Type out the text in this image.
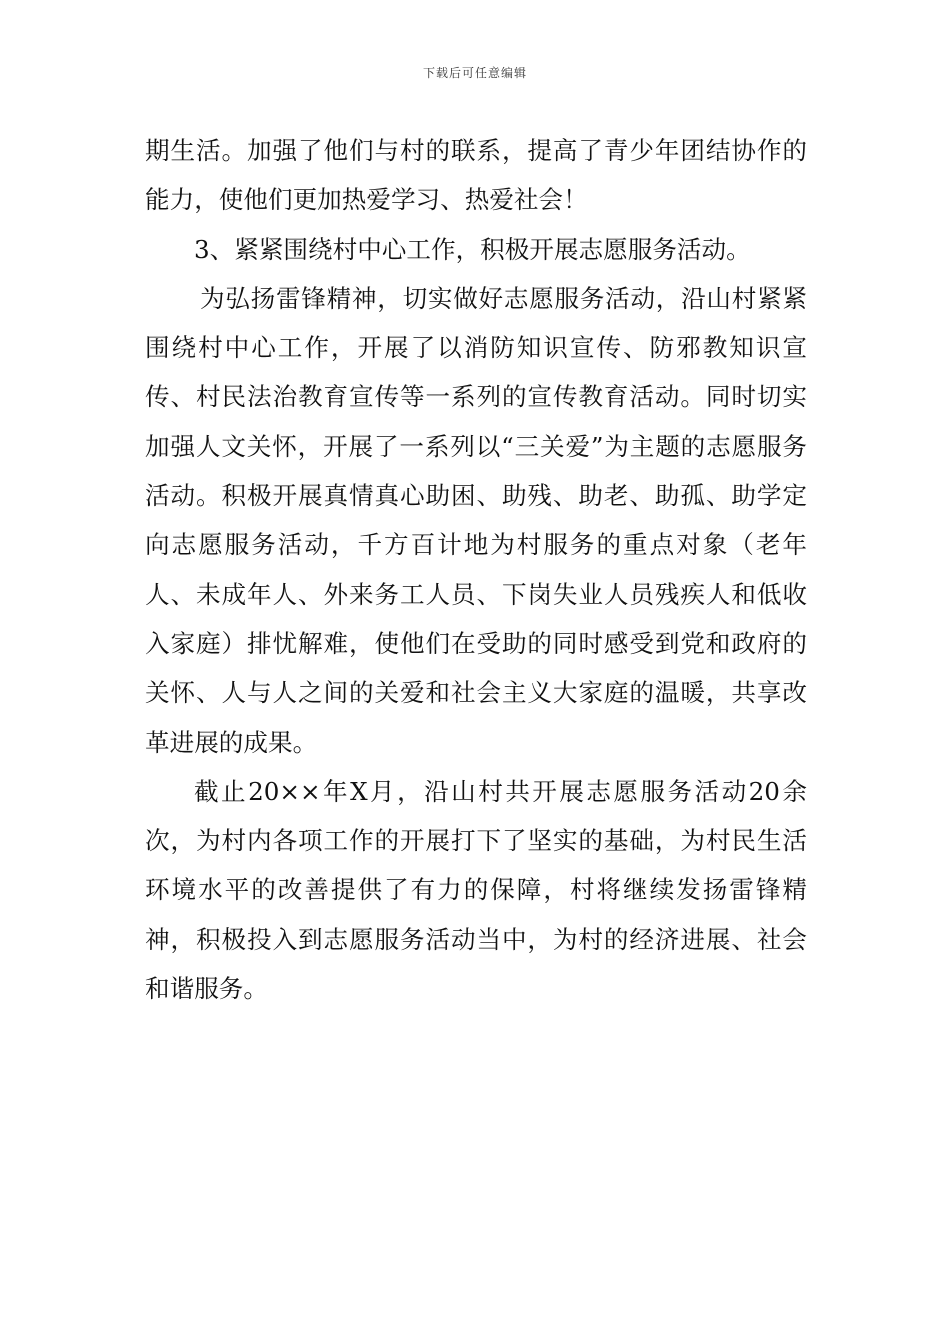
下载后可任意编辑

期生活。加强了他们与村的联系，提高了青少年团结协作的能力，使他们更加热爱学习、热爱社会！

3、紧紧围绕村中心工作，积极开展志愿服务活动。

为弘扬雷锋精神，切实做好志愿服务活动，沿山村紧紧围绕村中心工作，开展了以消防知识宣传、防邪教知识宣传、村民法治教育宣传等一系列的宣传教育活动。同时切实加强人文关怀，开展了一系列以“三关爱”为主题的志愿服务活动。积极开展真情真心助困、助残、助老、助孤、助学定向志愿服务活动，千方百计地为村服务的重点对象（老年人、未成年人、外来务工人员、下岗失业人员残疾人和低收入家庭）排忧解难，使他们在受助的同时感受到党和政府的关怀、人与人之间的关爱和社会主义大家庭的温暖，共享改革进展的成果。

截止20××年X月，沿山村共开展志愿服务活动20余次，为村内各项工作的开展打下了坚实的基础，为村民生活环境水平的改善提供了有力的保障，村将继续发扬雷锋精神，积极投入到志愿服务活动当中，为村的经济进展、社会和谐服务。
